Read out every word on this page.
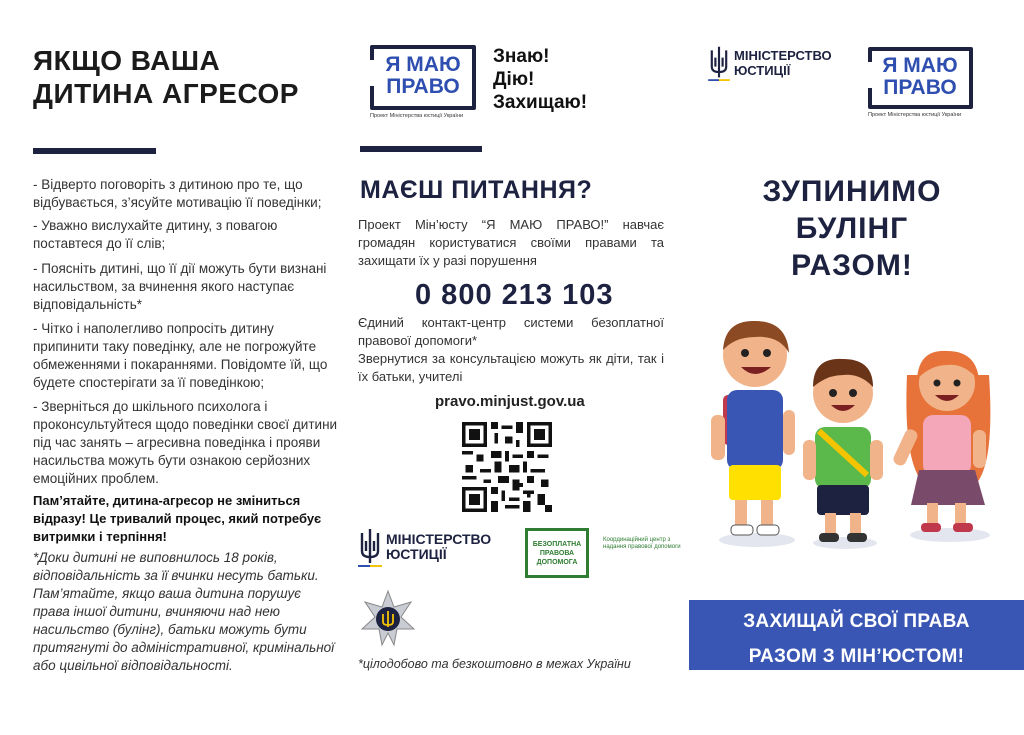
ЯКЩО ВАША
ДИТИНА АГРЕСОР

- Відверто поговоріть з дитиною про те, що відбувається, з’ясуйте мотивацію її поведінки;

- Уважно вислухайте дитину, з повагою поставтеся до її слів;

- Поясніть дитині, що її дії можуть бути визнані насильством, за вчинення якого наступає відповідальність*

- Чітко і наполегливо попросіть дитину припинити таку поведінку, але не погрожуйте обмеженнями і покараннями. Повідомте їй, що будете спостерігати за її поведінкою;

- Зверніться до шкільного психолога і проконсультуйтеся щодо поведінки своєї дитини під час занять – агресивна поведінка і прояви насильства можуть бути ознакою серйозних емоційних проблем.

Пам’ятайте, дитина-агресор не зміниться відразу! Це тривалий процес, який потребує витримки і терпіння!

*Доки дитині не виповнилось 18 років, відповідальність за її вчинки несуть батьки. Пам’ятайте, якщо ваша дитина порушує права іншої дитини, вчиняючи над нею насильство (булінг), батьки можуть бути притягнуті до адміністративної, кримінальної або цивільної відповідальності.

Я МАЮ
ПРАВО
Проект Міністерства юстиції України
Знаю!
Дію!
Захищаю!
МАЄШ ПИТАННЯ?

Проект Мін’юсту “Я МАЮ ПРАВО!” навчає громадян користуватися своїми правами та захищати їх у разі порушення

0 800 213 103

Єдиний контакт-центр системи безоплатної правової допомоги*

Звернутися за консультацією можуть як діти, так і їх батьки, учителі

pravo.minjust.gov.ua
МІНІСТЕРСТВО
ЮСТИЦІЇ
БЕЗОПЛАТНА ПРАВОВА ДОПОМОГА
Координаційний центр з надання правової допомоги
*цілодобово та безкоштовно в межах України
МІНІСТЕРСТВО
ЮСТИЦІЇ	Я МАЮ
ПРАВО
Проект Міністерства юстиції України
ЗУПИНИМО
БУЛІНГ
РАЗОМ!
ЗАХИЩАЙ СВОЇ ПРАВА
РАЗОМ З МІН’ЮСТОМ!
